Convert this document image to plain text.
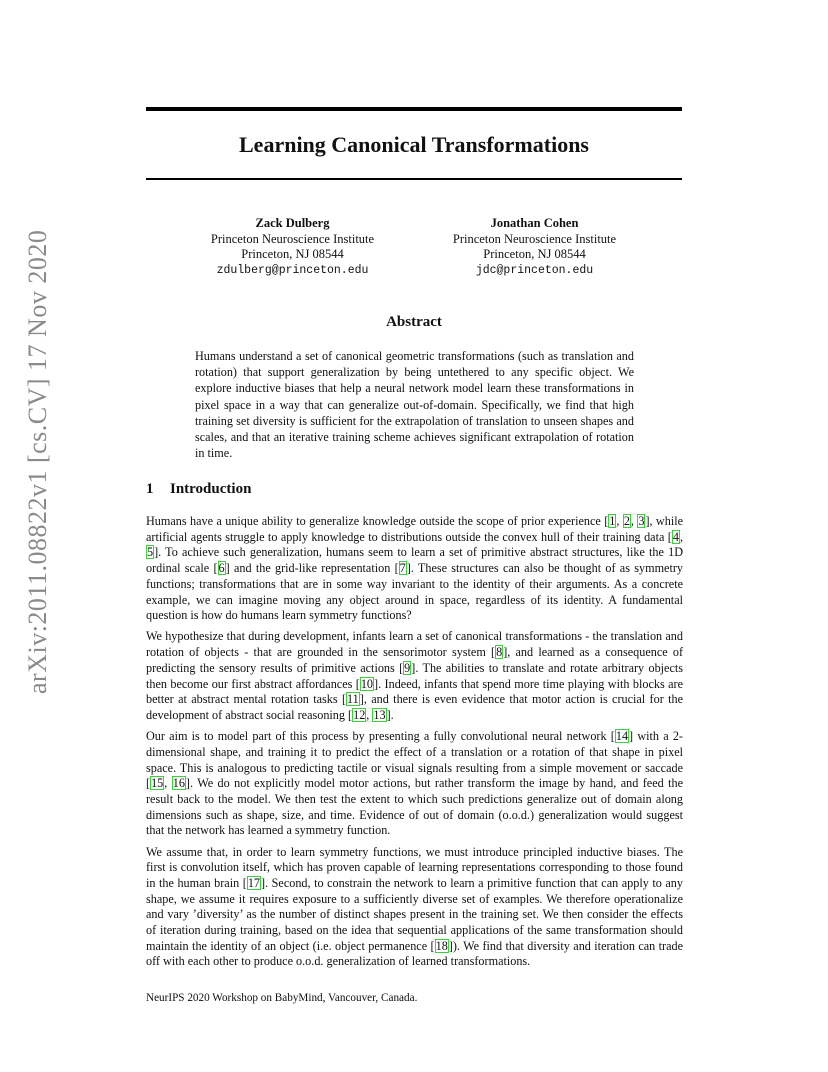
arXiv:2011.08822v1 [cs.CV] 17 Nov 2020
Learning Canonical Transformations
Zack Dulberg
Princeton Neuroscience Institute
Princeton, NJ 08544
zdulberg@princeton.edu
Jonathan Cohen
Princeton Neuroscience Institute
Princeton, NJ 08544
jdc@princeton.edu
Abstract
Humans understand a set of canonical geometric transformations (such as translation and rotation) that support generalization by being untethered to any specific object. We explore inductive biases that help a neural network model learn these transformations in pixel space in a way that can generalize out-of-domain. Specifically, we find that high training set diversity is sufficient for the extrapolation of translation to unseen shapes and scales, and that an iterative training scheme achieves significant extrapolation of rotation in time.
1 Introduction

Humans have a unique ability to generalize knowledge outside the scope of prior experience [1, 2, 3], while artificial agents struggle to apply knowledge to distributions outside the convex hull of their training data [4, 5]. To achieve such generalization, humans seem to learn a set of primitive abstract structures, like the 1D ordinal scale [6] and the grid-like representation [7]. These structures can also be thought of as symmetry functions; transformations that are in some way invariant to the identity of their arguments. As a concrete example, we can imagine moving any object around in space, regardless of its identity. A fundamental question is how do humans learn symmetry functions?

We hypothesize that during development, infants learn a set of canonical transformations - the translation and rotation of objects - that are grounded in the sensorimotor system [8], and learned as a consequence of predicting the sensory results of primitive actions [9]. The abilities to translate and rotate arbitrary objects then become our first abstract affordances [10]. Indeed, infants that spend more time playing with blocks are better at abstract mental rotation tasks [11], and there is even evidence that motor action is crucial for the development of abstract social reasoning [12, 13].

Our aim is to model part of this process by presenting a fully convolutional neural network [14] with a 2-dimensional shape, and training it to predict the effect of a translation or a rotation of that shape in pixel space. This is analogous to predicting tactile or visual signals resulting from a simple movement or saccade [15, 16]. We do not explicitly model motor actions, but rather transform the image by hand, and feed the result back to the model. We then test the extent to which such predictions generalize out of domain along dimensions such as shape, size, and time. Evidence of out of domain (o.o.d.) generalization would suggest that the network has learned a symmetry function.

We assume that, in order to learn symmetry functions, we must introduce principled inductive biases. The first is convolution itself, which has proven capable of learning representations corresponding to those found in the human brain [17]. Second, to constrain the network to learn a primitive function that can apply to any shape, we assume it requires exposure to a sufficiently diverse set of examples. We therefore operationalize and vary ’diversity’ as the number of distinct shapes present in the training set. We then consider the effects of iteration during training, based on the idea that sequential applications of the same transformation should maintain the identity of an object (i.e. object permanence [18]). We find that diversity and iteration can trade off with each other to produce o.o.d. generalization of learned transformations.

NeurIPS 2020 Workshop on BabyMind, Vancouver, Canada.
